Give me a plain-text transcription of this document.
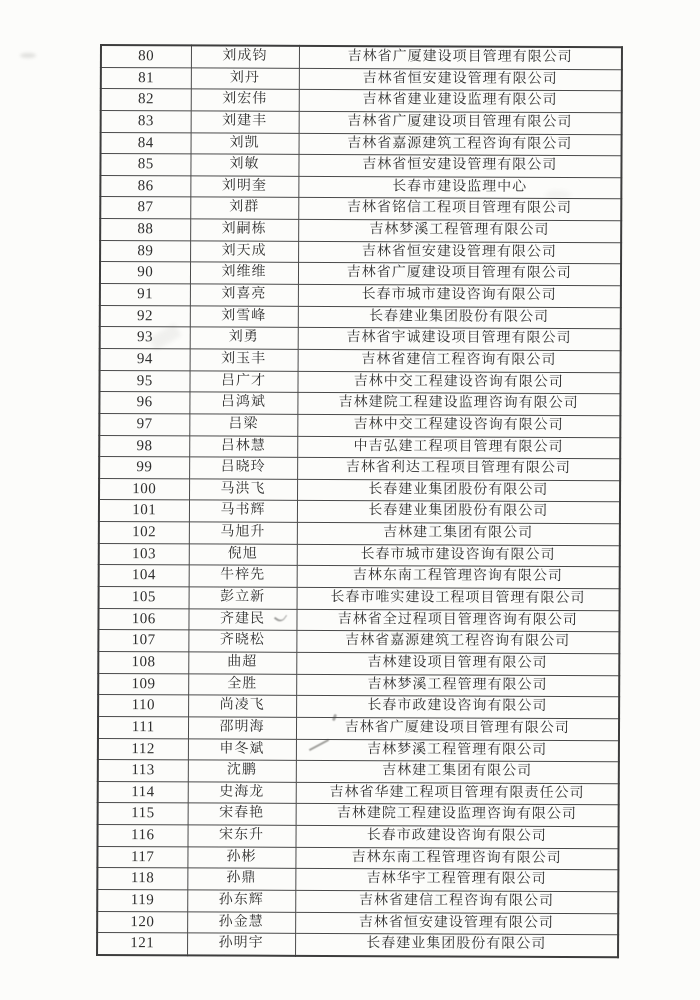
80	刘成钧	吉林省广厦建设项目管理有限公司
81	刘丹	吉林省恒安建设管理有限公司
82	刘宏伟	吉林省建业建设监理有限公司
83	刘建丰	吉林省广厦建设项目管理有限公司
84	刘凯	吉林省嘉源建筑工程咨询有限公司
85	刘敏	吉林省恒安建设管理有限公司
86	刘明奎	长春市建设监理中心
87	刘群	吉林省铭信工程项目管理有限公司
88	刘嗣栋	吉林梦溪工程管理有限公司
89	刘天成	吉林省恒安建设管理有限公司
90	刘维维	吉林省广厦建设项目管理有限公司
91	刘喜亮	长春市城市建设咨询有限公司
92	刘雪峰	长春建业集团股份有限公司
93	刘勇	吉林省宇诚建设项目管理有限公司
94	刘玉丰	吉林省建信工程咨询有限公司
95	吕广才	吉林中交工程建设咨询有限公司
96	吕鸿斌	吉林建院工程建设监理咨询有限公司
97	吕梁	吉林中交工程建设咨询有限公司
98	吕林慧	中吉弘建工程项目管理有限公司
99	吕晓玲	吉林省利达工程项目管理有限公司
100	马洪飞	长春建业集团股份有限公司
101	马书辉	长春建业集团股份有限公司
102	马旭升	吉林建工集团有限公司
103	倪旭	长春市城市建设咨询有限公司
104	牛梓先	吉林东南工程管理咨询有限公司
105	彭立新	长春市唯实建设工程项目管理有限公司
106	齐建民	吉林省全过程项目管理咨询有限公司
107	齐晓松	吉林省嘉源建筑工程咨询有限公司
108	曲超	吉林建设项目管理有限公司
109	全胜	吉林梦溪工程管理有限公司
110	尚凌飞	长春市政建设咨询有限公司
111	邵明海	吉林省广厦建设项目管理有限公司
112	申冬斌	吉林梦溪工程管理有限公司
113	沈鹏	吉林建工集团有限公司
114	史海龙	吉林省华建工程项目管理有限责任公司
115	宋春艳	吉林建院工程建设监理咨询有限公司
116	宋东升	长春市政建设咨询有限公司
117	孙彬	吉林东南工程管理咨询有限公司
118	孙鼎	吉林华宇工程管理有限公司
119	孙东辉	吉林省建信工程咨询有限公司
120	孙金慧	吉林省恒安建设管理有限公司
121	孙明宇	长春建业集团股份有限公司
